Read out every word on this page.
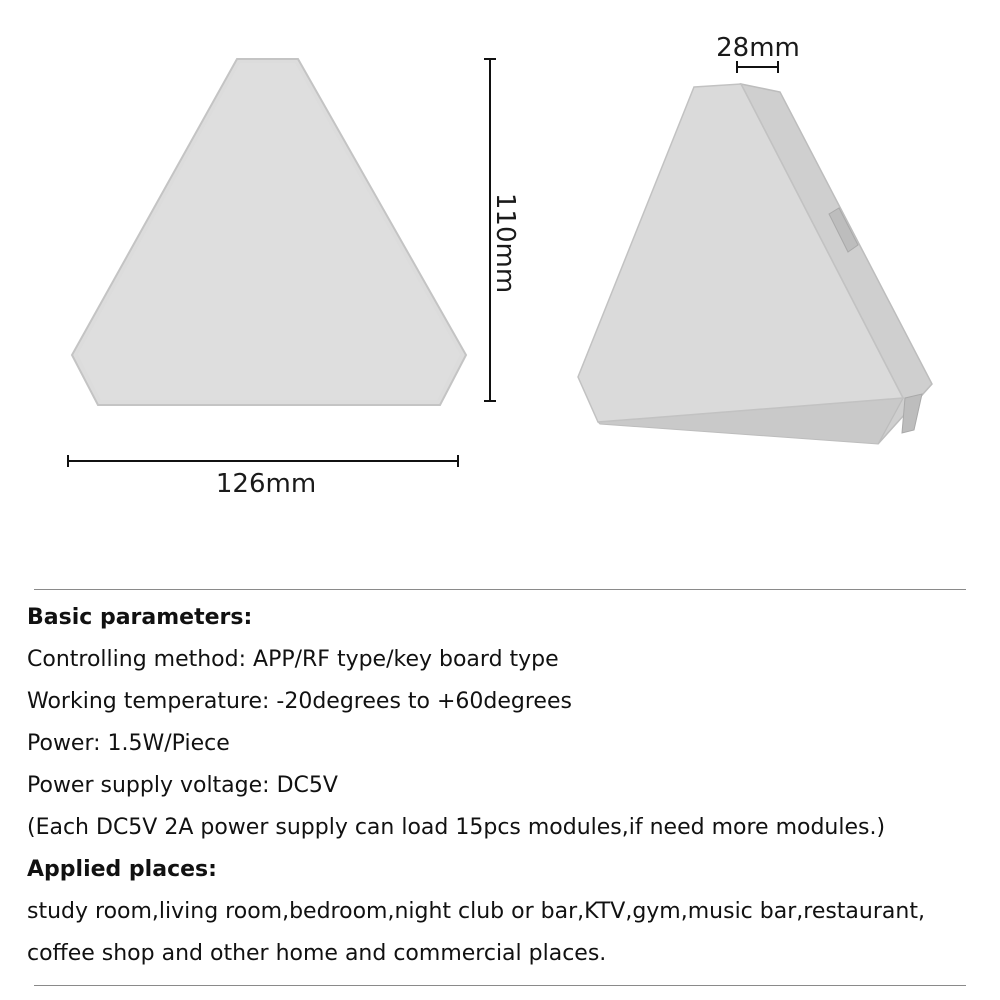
110mm
126mm
28mm
Basic parameters:
Controlling method: APP/RF type/key board type
Working temperature: -20degrees to +60degrees
Power: 1.5W/Piece
Power supply voltage: DC5V
(Each DC5V 2A power supply can load 15pcs modules,if need more modules.)
Applied places:
study room,living room,bedroom,night club or bar,KTV,gym,music bar,restaurant,
coffee shop and other home and commercial places.
